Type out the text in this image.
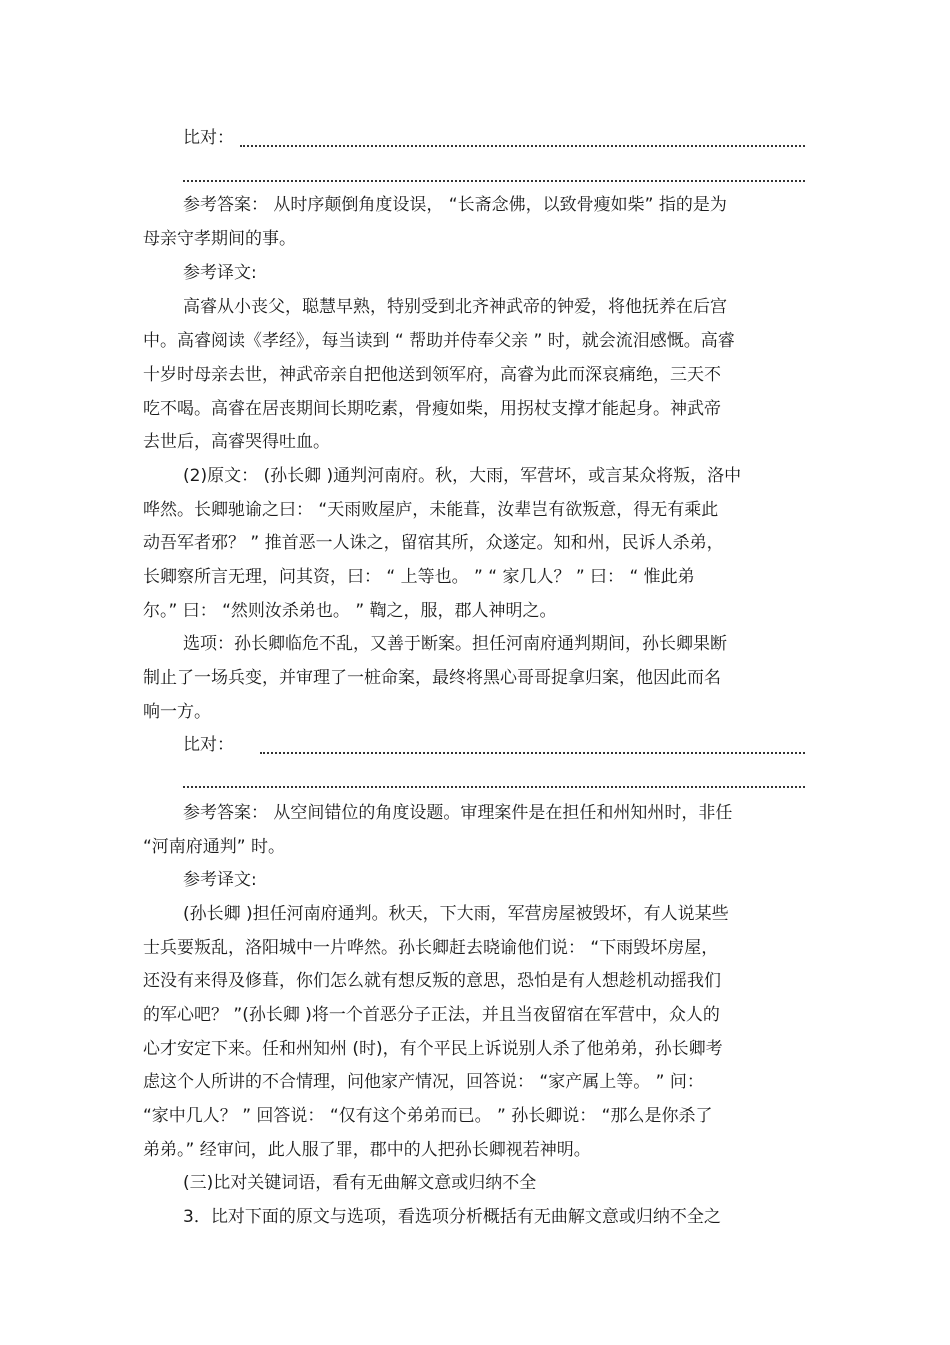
比对：
参考答案： 从时序颠倒角度设误， “长斋念佛，以致骨瘦如柴” 指的是为
母亲守孝期间的事。
参考译文:
高睿从小丧父，聪慧早熟，特别受到北齐神武帝的钟爱，将他抚养在后宫
中。高睿阅读《孝经》，每当读到 “ 帮助并侍奉父亲 ” 时，就会流泪感慨。高睿
十岁时母亲去世，神武帝亲自把他送到领军府，高睿为此而深哀痛绝，三天不
吃不喝。高睿在居丧期间长期吃素，骨瘦如柴，用拐杖支撑才能起身。神武帝
去世后，高睿哭得吐血。
(2)原文： (孙长卿 )通判河南府。秋，大雨，军营坏，或言某众将叛，洛中
哗然。长卿驰谕之曰： “天雨败屋庐，未能葺，汝辈岂有欲叛意，得无有乘此
动吾军者邪？ ” 推首恶一人诛之，留宿其所，众遂定。知和州，民诉人杀弟，
长卿察所言无理，问其资，曰： “ 上等也。 ” “ 家几人？ ” 曰： “ 惟此弟
尔。” 曰： “然则汝杀弟也。 ” 鞫之，服，郡人神明之。
选项：孙长卿临危不乱，又善于断案。担任河南府通判期间，孙长卿果断
制止了一场兵变，并审理了一桩命案，最终将黑心哥哥捉拿归案，他因此而名
响一方。
比对：
参考答案： 从空间错位的角度设题。审理案件是在担任和州知州时，非任
“河南府通判” 时。
参考译文:
(孙长卿 )担任河南府通判。秋天，下大雨，军营房屋被毁坏，有人说某些
士兵要叛乱，洛阳城中一片哗然。孙长卿赶去晓谕他们说： “下雨毁坏房屋，
还没有来得及修葺，你们怎么就有想反叛的意思，恐怕是有人想趁机动摇我们
的军心吧？ ”(孙长卿 )将一个首恶分子正法，并且当夜留宿在军营中，众人的
心才安定下来。任和州知州 (时)，有个平民上诉说别人杀了他弟弟，孙长卿考
虑这个人所讲的不合情理，问他家产情况，回答说： “家产属上等。 ” 问：
“家中几人？ ” 回答说： “仅有这个弟弟而已。 ” 孙长卿说： “那么是你杀了
弟弟。” 经审问，此人服了罪，郡中的人把孙长卿视若神明。
(三)比对关键词语，看有无曲解文意或归纳不全
3．比对下面的原文与选项，看选项分析概括有无曲解文意或归纳不全之
